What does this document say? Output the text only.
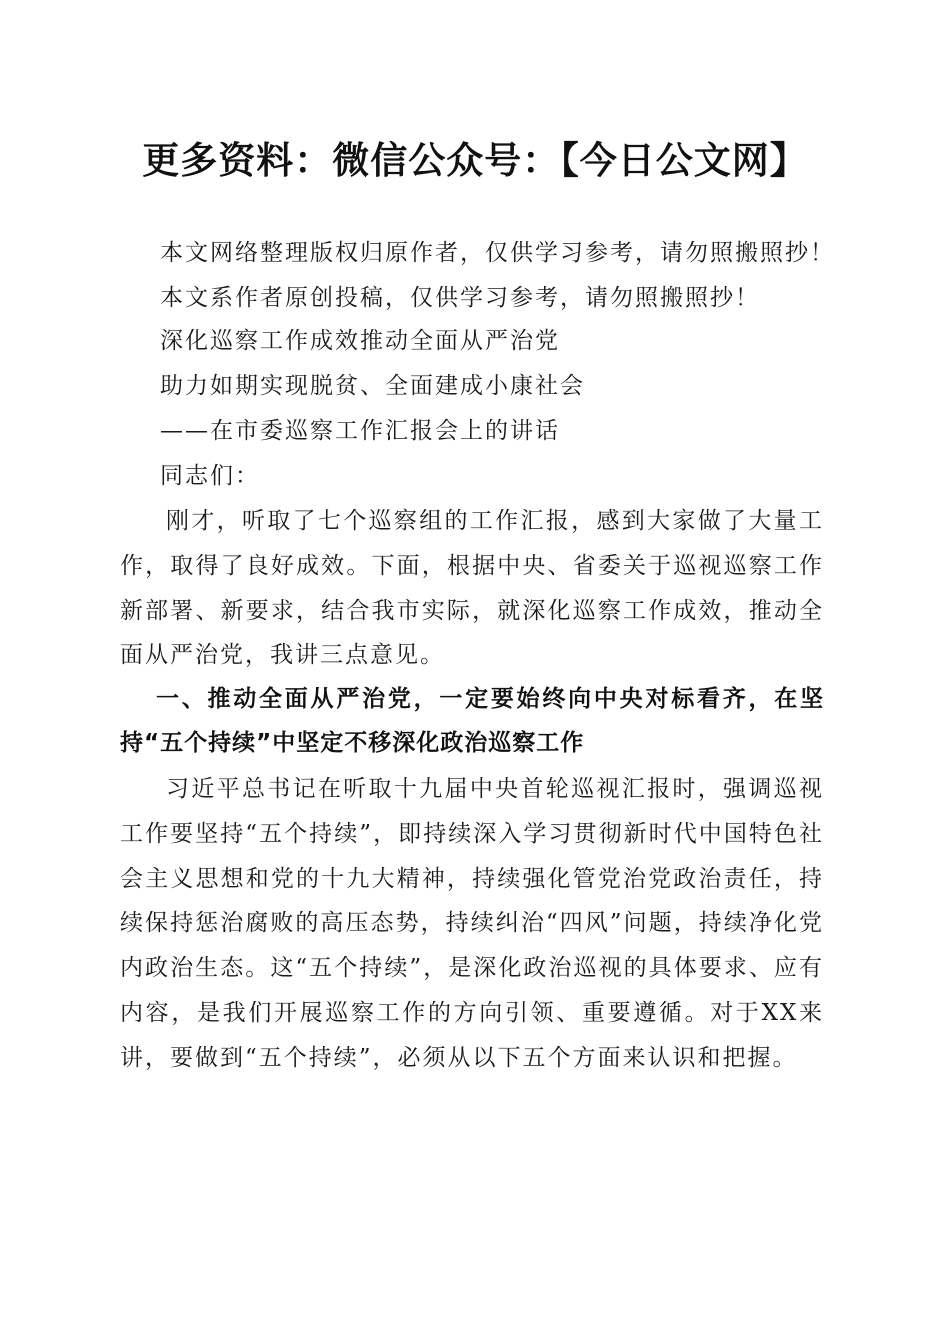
更多资料：微信公众号：【今日公文网】
本文网络整理版权归原作者，仅供学习参考，请勿照搬照抄！
本文系作者原创投稿，仅供学习参考，请勿照搬照抄！
深化巡察工作成效推动全面从严治党
助力如期实现脱贫、全面建成小康社会
——在市委巡察工作汇报会上的讲话
同志们：
刚才，听取了七个巡察组的工作汇报，感到大家做了大量工作，取得了良好成效。下面，根据中央、省委关于巡视巡察工作新部署、新要求，结合我市实际，就深化巡察工作成效，推动全面从严治党，我讲三点意见。
一、推动全面从严治党，一定要始终向中央对标看齐，在坚持“五个持续”中坚定不移深化政治巡察工作
习近平总书记在听取十九届中央首轮巡视汇报时，强调巡视工作要坚持“五个持续”，即持续深入学习贯彻新时代中国特色社会主义思想和党的十九大精神，持续强化管党治党政治责任，持续保持惩治腐败的高压态势，持续纠治“四风”问题，持续净化党内政治生态。这“五个持续”，是深化政治巡视的具体要求、应有内容，是我们开展巡察工作的方向引领、重要遵循。对于XX来讲，要做到“五个持续”，必须从以下五个方面来认识和把握。
